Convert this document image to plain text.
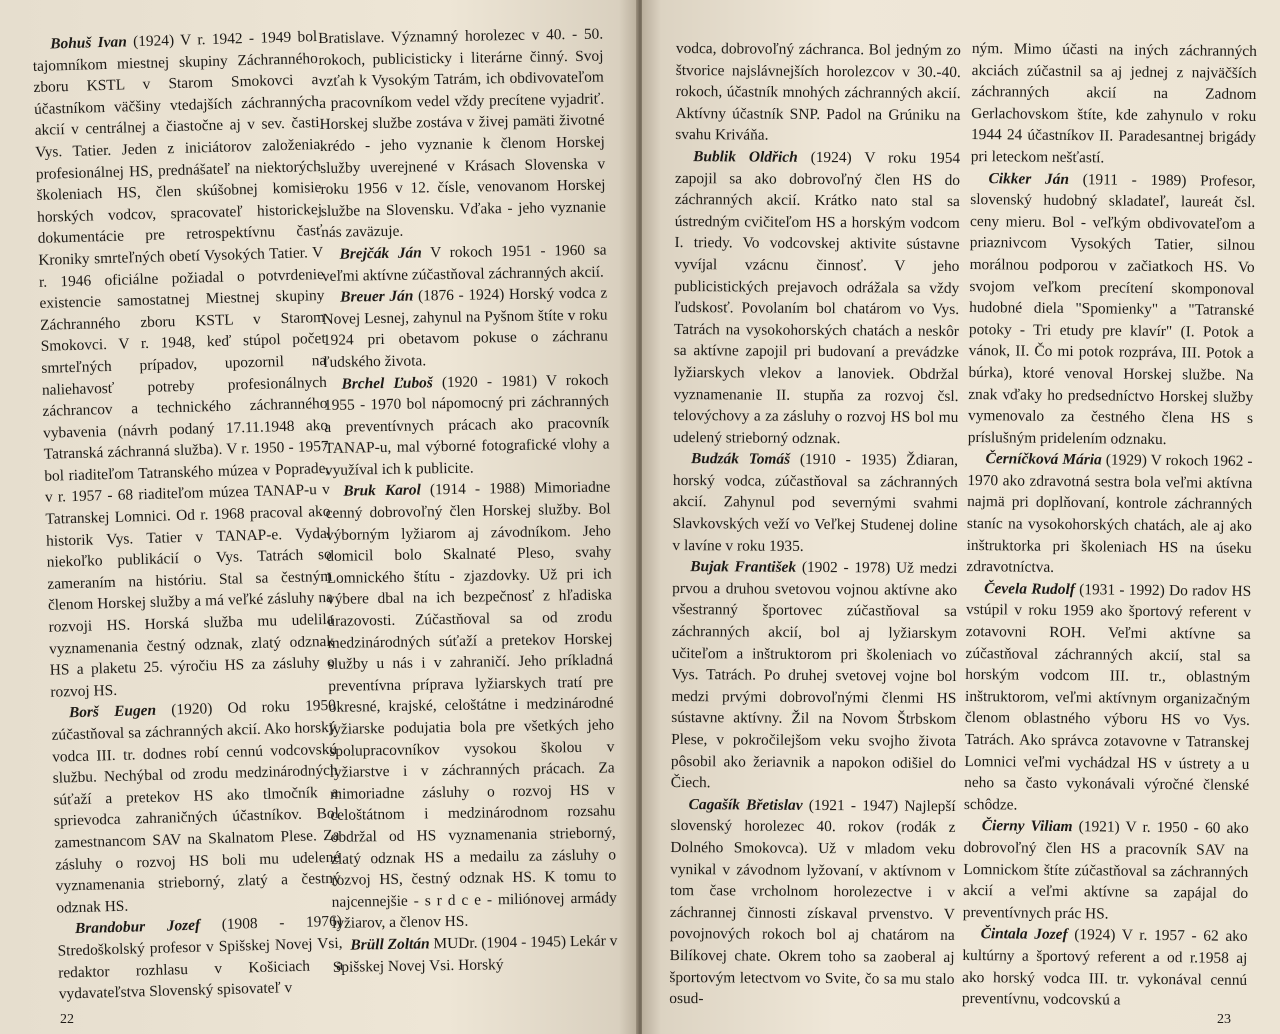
Bohuš Ivan (1924) V r. 1942 - 1949 bol tajomníkom miestnej skupiny Záchranného zboru KSTL v Starom Smokovci a účastníkom väčšiny vtedajších záchranných akcií v centrálnej a čiastočne aj v sev. časti Vys. Tatier. Jeden z iniciátorov založenia profesionálnej HS, prednášateľ na niektorých školeniach HS, člen skúšobnej komisie horských vodcov, spracovateľ historickej dokumentácie pre retrospektívnu časť Kroniky smrteľných obetí Vysokých Tatier. V r. 1946 oficiálne požiadal o potvrdenie existencie samostatnej Miestnej skupiny Záchranného zboru KSTL v Starom Smokovci. V r. 1948, keď stúpol počet smrteľných prípadov, upozornil na naliehavosť potreby profesionálnych záchrancov a technického záchranného vybavenia (návrh podaný 17.11.1948 ako Tatranská záchranná služba). V r. 1950 - 1957 bol riaditeľom Tatranského múzea v Poprade, v r. 1957 - 68 riaditeľom múzea TANAP-u v Tatranskej Lomnici. Od r. 1968 pracoval ako historik Vys. Tatier v TANAP-e. Vydal niekoľko publikácií o Vys. Tatrách so zameraním na históriu. Stal sa čestným členom Horskej služby a má veľké zásluhy na rozvoji HS. Horská služba mu udelila vyznamenania čestný odznak, zlatý odznak HS a plaketu 25. výročiu HS za zásluhy o rozvoj HS.

Borš Eugen (1920) Od roku 1950 zúčastňoval sa záchranných akcií. Ako horský vodca III. tr. dodnes robí cennú vodcovskú službu. Nechýbal od zrodu medzinárodných súťaží a pretekov HS ako tlmočník a sprievodca zahraničných účastníkov. Bol zamestnancom SAV na Skalnatom Plese. Za zásluhy o rozvoj HS boli mu udelené vyznamenania strieborný, zlatý a čestný odznak HS.

Brandobur Jozef (1908 - 1976) Stredoškolský profesor v Spišskej Novej Vsi, redaktor rozhlasu v Košiciach a vydavateľstva Slovenský spisovateľ v

Bratislave. Významný horolezec v 40. - 50. rokoch, publicisticky i literárne činný. Svoj vzťah k Vysokým Tatrám, ich obdivovateľom a pracovníkom vedel vždy precítene vyjadriť. Horskej službe zostáva v živej pamäti životné krédo - jeho vyznanie k členom Horskej služby uverejnené v Krásach Slovenska v roku 1956 v 12. čísle, venovanom Horskej službe na Slovensku. Vďaka - jeho vyznanie nás zaväzuje.

Brejčák Ján V rokoch 1951 - 1960 sa veľmi aktívne zúčastňoval záchranných akcií.

Breuer Ján (1876 - 1924) Horský vodca z Novej Lesnej, zahynul na Pyšnom štíte v roku 1924 pri obetavom pokuse o záchranu ľudského života.

Brchel Ľuboš (1920 - 1981) V rokoch 1955 - 1970 bol nápomocný pri záchranných a preventívnych prácach ako pracovník TANAP-u, mal výborné fotografické vlohy a využíval ich k publicite.

Bruk Karol (1914 - 1988) Mimoriadne cenný dobrovoľný člen Horskej služby. Bol výborným lyžiarom aj závodníkom. Jeho domicil bolo Skalnaté Pleso, svahy Lomnického štítu - zjazdovky. Už pri ich výbere dbal na ich bezpečnosť z hľadiska úrazovosti. Zúčastňoval sa od zrodu medzinárodných súťaží a pretekov Horskej služby u nás i v zahraničí. Jeho príkladná preventívna príprava lyžiarskych tratí pre okresné, krajské, celoštátne i medzinárodné lyžiarske podujatia bola pre všetkých jeho spolupracovníkov vysokou školou v lyžiarstve i v záchranných prácach. Za mimoriadne zásluhy o rozvoj HS v celoštátnom i medzinárodnom rozsahu obdržal od HS vyznamenania strieborný, zlatý odznak HS a medailu za zásluhy o rozvoj HS, čestný odznak HS. K tomu to najcennejšie - s r d c e - miliónovej armády lyžiarov, a členov HS.

Brüll Zoltán MUDr. (1904 - 1945) Lekár v Spišskej Novej Vsi. Horský

22

vodca, dobrovoľný záchranca. Bol jedným zo štvorice najslávnejších horolezcov v 30.-40. rokoch, účastník mnohých záchranných akcií. Aktívny účastník SNP. Padol na Grúniku na svahu Kriváňa.

Bublik Oldřich (1924) V roku 1954 zapojil sa ako dobrovoľný člen HS do záchranných akcií. Krátko nato stal sa ústredným cvičiteľom HS a horským vodcom I. triedy. Vo vodcovskej aktivite sústavne vyvíjal vzácnu činnosť. V jeho publicistických prejavoch odrážala sa vždy ľudskosť. Povolaním bol chatárom vo Vys. Tatrách na vysokohorských chatách a neskôr sa aktívne zapojil pri budovaní a prevádzke lyžiarskych vlekov a lanoviek. Obdržal vyznamenanie II. stupňa za rozvoj čsl. telovýchovy a za zásluhy o rozvoj HS bol mu udelený strieborný odznak.

Budzák Tomáš (1910 - 1935) Ždiaran, horský vodca, zúčastňoval sa záchranných akcií. Zahynul pod severnými svahmi Slavkovských veží vo Veľkej Studenej doline v lavíne v roku 1935.

Bujak František (1902 - 1978) Už medzi prvou a druhou svetovou vojnou aktívne ako všestranný športovec zúčastňoval sa záchranných akcií, bol aj lyžiarskym učiteľom a inštruktorom pri školeniach vo Vys. Tatrách. Po druhej svetovej vojne bol medzi prvými dobrovoľnými členmi HS sústavne aktívny. Žil na Novom Štrbskom Plese, v pokročilejšom veku svojho života pôsobil ako žeriavnik a napokon odišiel do Čiech.

Cagašík Břetislav (1921 - 1947) Najlepší slovenský horolezec 40. rokov (rodák z Dolného Smokovca). Už v mladom veku vynikal v závodnom lyžovaní, v aktívnom v tom čase vrcholnom horolezectve i v záchrannej činnosti získaval prvenstvo. V povojnových rokoch bol aj chatárom na Bilíkovej chate. Okrem toho sa zaoberal aj športovým letectvom vo Svite, čo sa mu stalo osud-

ným. Mimo účasti na iných záchranných akciách zúčastnil sa aj jednej z najväčších záchranných akcií na Zadnom Gerlachovskom štíte, kde zahynulo v roku 1944 24 účastníkov II. Paradesantnej brigády pri leteckom nešťastí.

Cikker Ján (1911 - 1989) Profesor, slovenský hudobný skladateľ, laureát čsl. ceny mieru. Bol - veľkým obdivovateľom a priaznivcom Vysokých Tatier, silnou morálnou podporou v začiatkoch HS. Vo svojom veľkom precítení skomponoval hudobné diela "Spomienky" a "Tatranské potoky - Tri etudy pre klavír" (I. Potok a vánok, II. Čo mi potok rozpráva, III. Potok a búrka), ktoré venoval Horskej službe. Na znak vďaky ho predsedníctvo Horskej služby vymenovalo za čestného člena HS s príslušným pridelením odznaku.

Černíčková Mária (1929) V rokoch 1962 - 1970 ako zdravotná sestra bola veľmi aktívna najmä pri doplňovaní, kontrole záchranných staníc na vysokohorských chatách, ale aj ako inštruktorka pri školeniach HS na úseku zdravotníctva.

Čevela Rudolf (1931 - 1992) Do radov HS vstúpil v roku 1959 ako športový referent v zotavovni ROH. Veľmi aktívne sa zúčastňoval záchranných akcií, stal sa horským vodcom III. tr., oblastným inštruktorom, veľmi aktívnym organizačným členom oblastného výboru HS vo Vys. Tatrách. Ako správca zotavovne v Tatranskej Lomnici veľmi vychádzal HS v ústrety a u neho sa často vykonávali výročné členské schôdze.

Čierny Viliam (1921) V r. 1950 - 60 ako dobrovoľný člen HS a pracovník SAV na Lomnickom štíte zúčastňoval sa záchranných akcií a veľmi aktívne sa zapájal do preventívnych prác HS.

Čintala Jozef (1924) V r. 1957 - 62 ako kultúrny a športový referent a od r.1958 aj ako horský vodca III. tr. vykonával cennú preventívnu, vodcovskú a

23
